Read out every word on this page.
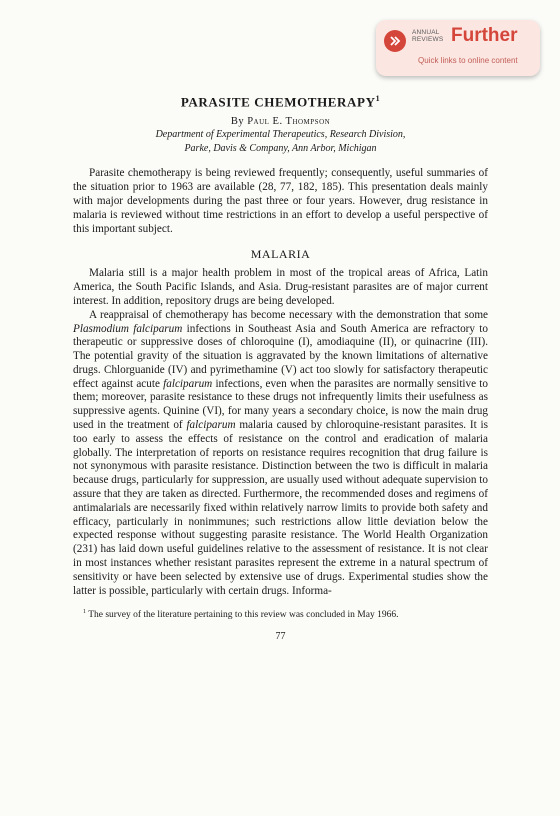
ANNUAL
REVIEWS Further
Quick links to online content
PARASITE CHEMOTHERAPY$^1$
By Paul E. Thompson
Department of Experimental Therapeutics, Research Division,
Parke, Davis & Company, Ann Arbor, Michigan

Parasite chemotherapy is being reviewed frequently; consequently, useful summaries of the situation prior to 1963 are available (28, 77, 182, 185). This presentation deals mainly with major developments during the past three or four years. However, drug resistance in malaria is reviewed without time restrictions in an effort to develop a useful perspective of this important subject.

MALARIA

Malaria still is a major health problem in most of the tropical areas of Africa, Latin America, the South Pacific Islands, and Asia. Drug-resistant parasites are of major current interest. In addition, repository drugs are being developed.

A reappraisal of chemotherapy has become necessary with the demonstration that some Plasmodium falciparum infections in Southeast Asia and South America are refractory to therapeutic or suppressive doses of chloroquine (I), amodiaquine (II), or quinacrine (III). The potential gravity of the situation is aggravated by the known limitations of alternative drugs. Chlorguanide (IV) and pyrimethamine (V) act too slowly for satisfactory therapeutic effect against acute falciparum infections, even when the parasites are normally sensitive to them; moreover, parasite resistance to these drugs not infrequently limits their usefulness as suppressive agents. Quinine (VI), for many years a secondary choice, is now the main drug used in the treatment of falciparum malaria caused by chloroquine-resistant parasites. It is too early to assess the effects of resistance on the control and eradication of malaria globally. The interpretation of reports on resistance requires recognition that drug failure is not synonymous with parasite resistance. Distinction between the two is difficult in malaria because drugs, particularly for suppression, are usually used without adequate supervision to assure that they are taken as directed. Furthermore, the recommended doses and regimens of antimalarials are necessarily fixed within relatively narrow limits to provide both safety and efficacy, particularly in nonimmunes; such restrictions allow little deviation below the expected response without suggesting parasite resistance. The World Health Organization (231) has laid down useful guidelines relative to the assessment of resistance. It is not clear in most instances whether resistant parasites represent the extreme in a natural spectrum of sensitivity or have been selected by extensive use of drugs. Experimental studies show the latter is possible, particularly with certain drugs. Informa-

$^1$ The survey of the literature pertaining to this review was concluded in May 1966.
77
